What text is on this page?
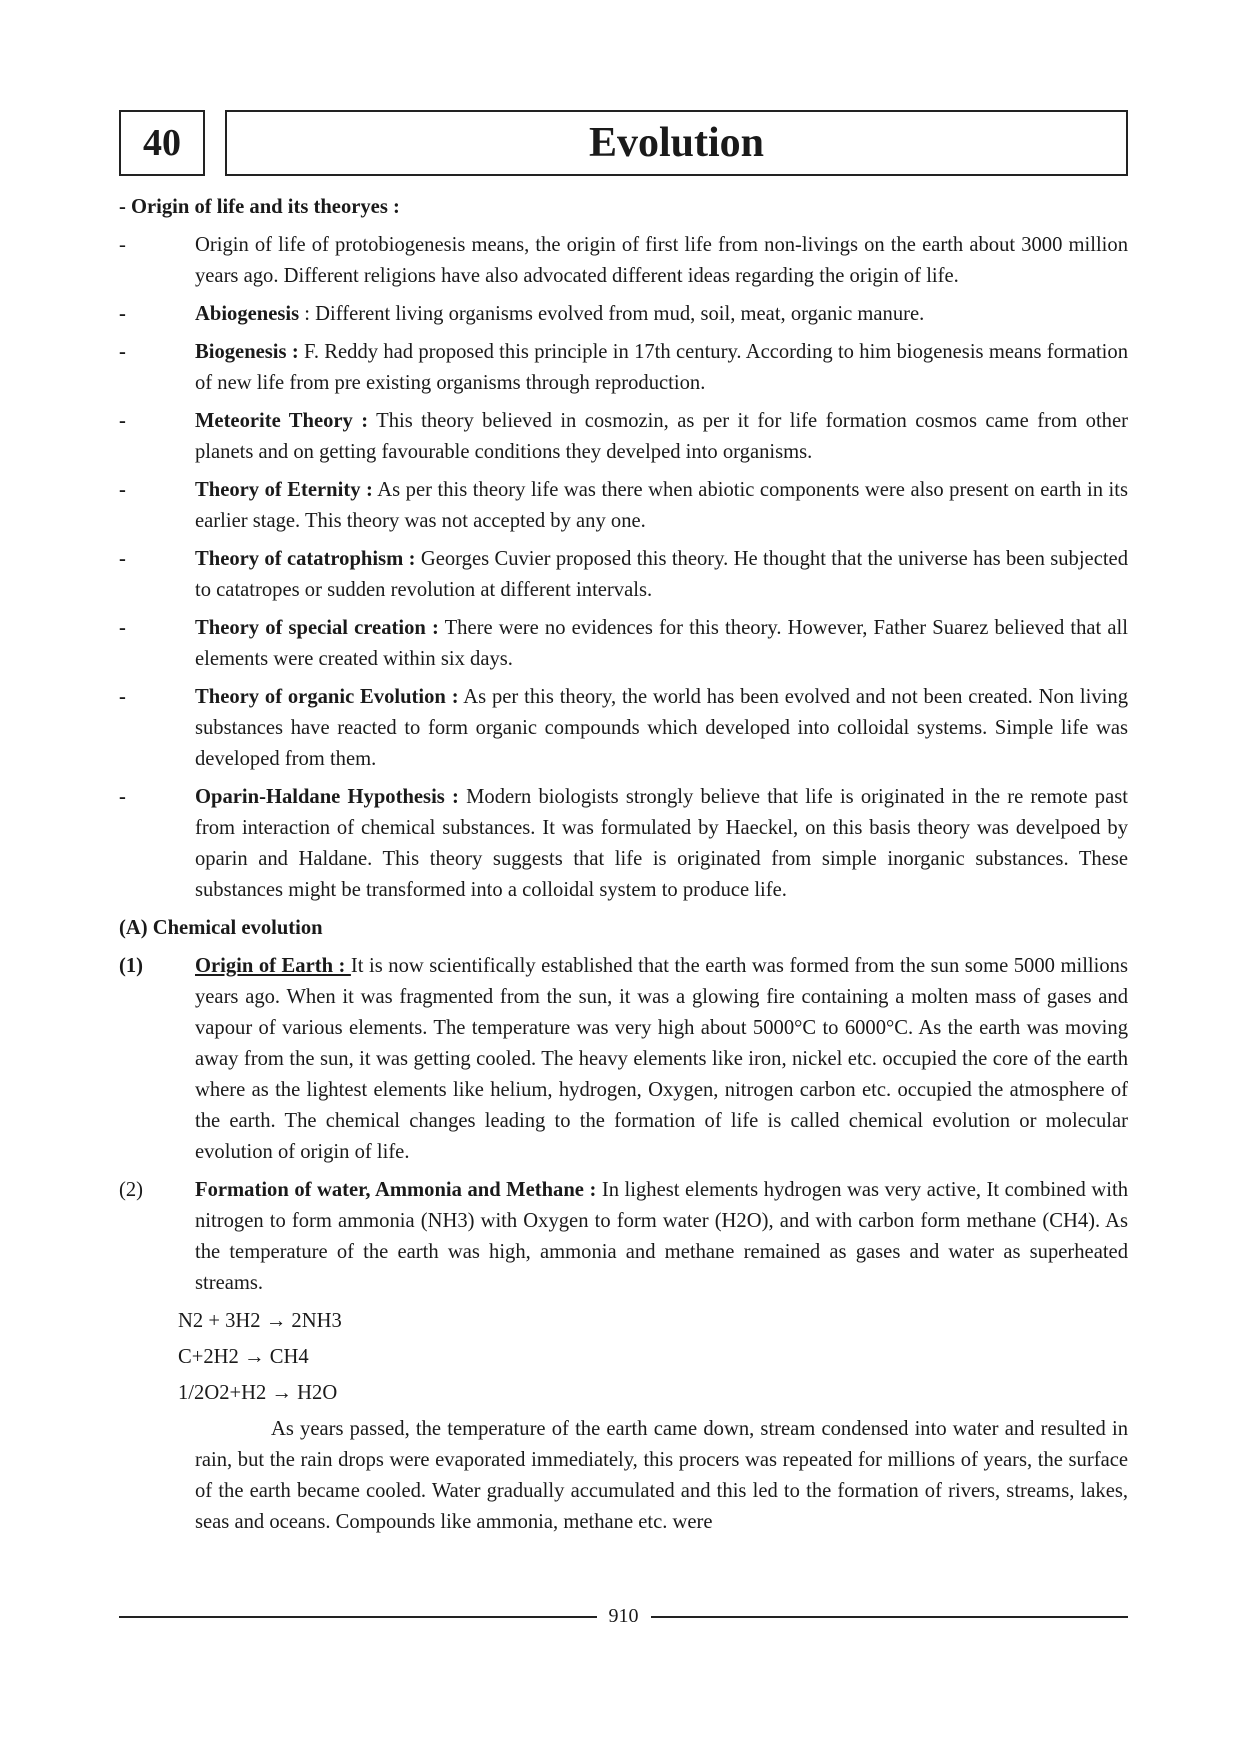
40	Evolution
- Origin of life and its theoryes :
-	Origin of life of protobiogenesis means, the origin of first life from non-livings on the earth about 3000 million years ago. Different religions have also advocated different ideas regarding the origin of life.
-	Abiogenesis : Different living organisms evolved from mud, soil, meat, organic manure.
-	Biogenesis : F. Reddy had proposed this principle in 17th century. According to him biogenesis means formation of new life from pre existing organisms through reproduction.
-	Meteorite Theory : This theory believed in cosmozin, as per it for life formation cosmos came from other planets and on getting favourable conditions they develped into organisms.
-	Theory of Eternity : As per this theory life was there when abiotic components were also present on earth in its earlier stage. This theory was not accepted by any one.
-	Theory of catatrophism : Georges Cuvier proposed this theory. He thought that the universe has been subjected to catatropes or sudden revolution at different intervals.
-	Theory of special creation : There were no evidences for this theory. However, Father Suarez believed that all elements were created within six days.
-	Theory of organic Evolution : As per this theory, the world has been evolved and not been created. Non living substances have reacted to form organic compounds which developed into colloidal systems. Simple life was developed from them.
-	Oparin-Haldane Hypothesis : Modern biologists strongly believe that life is originated in the re remote past from interaction of chemical substances. It was formulated by Haeckel, on this basis theory was develpoed by oparin and Haldane. This theory suggests that life is originated from simple inorganic substances. These substances might be transformed into a colloidal system to produce life.
(A) Chemical evolution
(1)	Origin of Earth : It is now scientifically established that the earth was formed from the sun some 5000 millions years ago. When it was fragmented from the sun, it was a glowing fire containing a molten mass of gases and vapour of various elements. The temperature was very high about 5000°C to 6000°C. As the earth was moving away from the sun, it was getting cooled. The heavy elements like iron, nickel etc. occupied the core of the earth where as the lightest elements like helium, hydrogen, Oxygen, nitrogen carbon etc. occupied the atmosphere of the earth. The chemical changes leading to the formation of life is called chemical evolution or molecular evolution of origin of life.
(2)	Formation of water, Ammonia and Methane : In lighest elements hydrogen was very active, It combined with nitrogen to form ammonia (NH3) with Oxygen to form water (H2O), and with carbon form methane (CH4). As the temperature of the earth was high, ammonia and methane remained as gases and water as superheated streams.
N2 + 3H2 → 2NH3
C+2H2 → CH4
1/2O2+H2 → H2O
As years passed, the temperature of the earth came down, stream condensed into water and resulted in rain, but the rain drops were evaporated immediately, this procers was repeated for millions of years, the surface of the earth became cooled. Water gradually accumulated and this led to the formation of rivers, streams, lakes, seas and oceans. Compounds like ammonia, methane etc. were
910
